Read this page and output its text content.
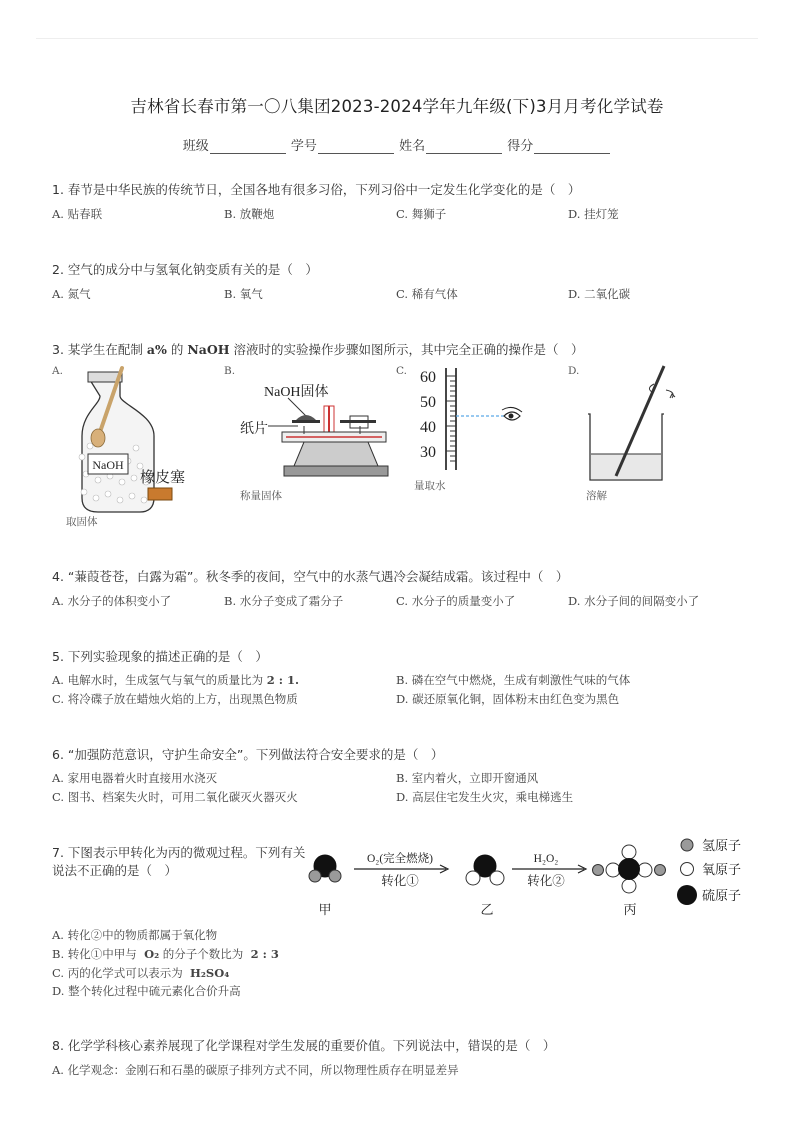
吉林省长春市第一〇八集团2023-2024学年九年级(下)3月月考化学试卷
班级	学号	姓名	得分
1. 春节是中华民族的传统节日，全国各地有很多习俗，下列习俗中一定发生化学变化的是（　）
A. 贴春联	B. 放鞭炮	C. 舞狮子	D. 挂灯笼
2. 空气的成分中与氢氧化钠变质有关的是（　）
A. 氮气	B. 氧气	C. 稀有气体	D. 二氧化碳
3. 某学生在配制 a% 的 NaOH 溶液时的实验操作步骤如图所示，其中完全正确的操作是（　）
A.	B.	C.	D.
NaOH
橡皮塞
取固体
NaOH固体
纸片
称量固体
60
50
40
30
量取水
溶解
4. “蒹葭苍苍，白露为霜”。秋冬季的夜间，空气中的水蒸气遇冷会凝结成霜。该过程中（　）
A. 水分子的体积变小了	B. 水分子变成了霜分子	C. 水分子的质量变小了	D. 水分子间的间隔变小了
5. 下列实验现象的描述正确的是（　）
A. 电解水时，生成氢气与氧气的质量比为 2 : 1.	B. 磷在空气中燃烧，生成有刺激性气味的气体
C. 将冷碟子放在蜡烛火焰的上方，出现黑色物质	D. 碳还原氧化铜，固体粉末由红色变为黑色
6. “加强防范意识，守护生命安全”。下列做法符合安全要求的是（　）
A. 家用电器着火时直接用水浇灭	B. 室内着火，立即开窗通风
C. 图书、档案失火时，可用二氧化碳灭火器灭火	D. 高层住宅发生火灾，乘电梯逃生
7. 下图表示甲转化为丙的微观过程。下列有关
说法不正确的是（　）
甲
O₂(完全燃烧)
转化①
乙
H₂O₂
转化②
丙
氢原子
氧原子
硫原子
A. 转化②中的物质都属于氧化物
B. 转化①中甲与 O₂ 的分子个数比为 2 : 3
C. 丙的化学式可以表示为 H₂SO₄
D. 整个转化过程中硫元素化合价升高
8. 化学学科核心素养展现了化学课程对学生发展的重要价值。下列说法中，错误的是（　）
A. 化学观念：金刚石和石墨的碳原子排列方式不同，所以物理性质存在明显差异
